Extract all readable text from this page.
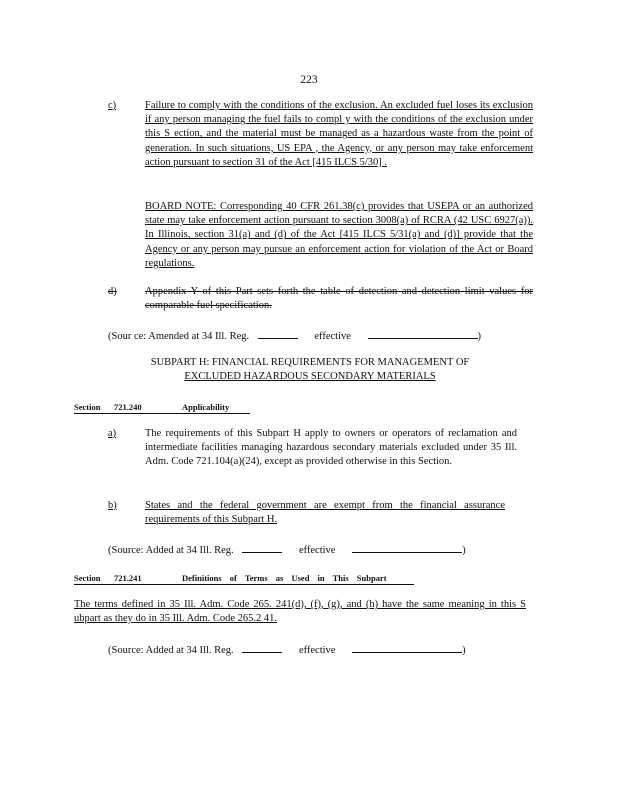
223
c)	Failure to comply with the conditions of the exclusion. An excluded fuel loses its exclusion if any person managing the fuel fails to compl y with the conditions of the exclusion under this S ection, and the material must be managed as a hazardous waste from the point of generation. In such situations, US EPA , the Agency, or any person may take enforcement action pursuant to section 31 of the Act [415 ILCS 5/30] .
BOARD NOTE: Corresponding 40 CFR 261.38(c) provides that USEPA or an authorized state may take enforcement action pursuant to section 3008(a) of RCRA (42 USC 6927(a)). In Illinois, section 31(a) and (d) of the Act [415 ILCS 5/31(a) and (d)] provide that the Agency or any person may pursue an enforcement action for violation of the Act or Board regulations.
d)	Appendix Y of this Part sets forth the table of detection and detection limit values for comparable fuel specification.
(Sour ce: Amended at 34 Ill. Reg.	effective	)
SUBPART H: FINANCIAL REQUIREMENTS FOR MANAGEMENT OF
EXCLUDED HAZARDOUS SECONDARY MATERIALS
Section 721.240	Applicability
a)	The requirements of this Subpart H apply to owners or operators of reclamation and intermediate facilities managing hazardous secondary materials excluded under 35 Ill. Adm. Code 721.104(a)(24), except as provided otherwise in this Section.
b)	States and the federal government are exempt from the financial assurance requirements of this Subpart H.
(Source: Added at 34 Ill. Reg.	effective	)
Section 721.241	Definitions of Terms as Used in This Subpart
The terms defined in 35 Ill. Adm. Code 265. 241(d), (f), (g), and (h) have the same meaning in this S ubpart as they do in 35 Ill. Adm. Code 265.2 41.
(Source: Added at 34 Ill. Reg.	effective	)
